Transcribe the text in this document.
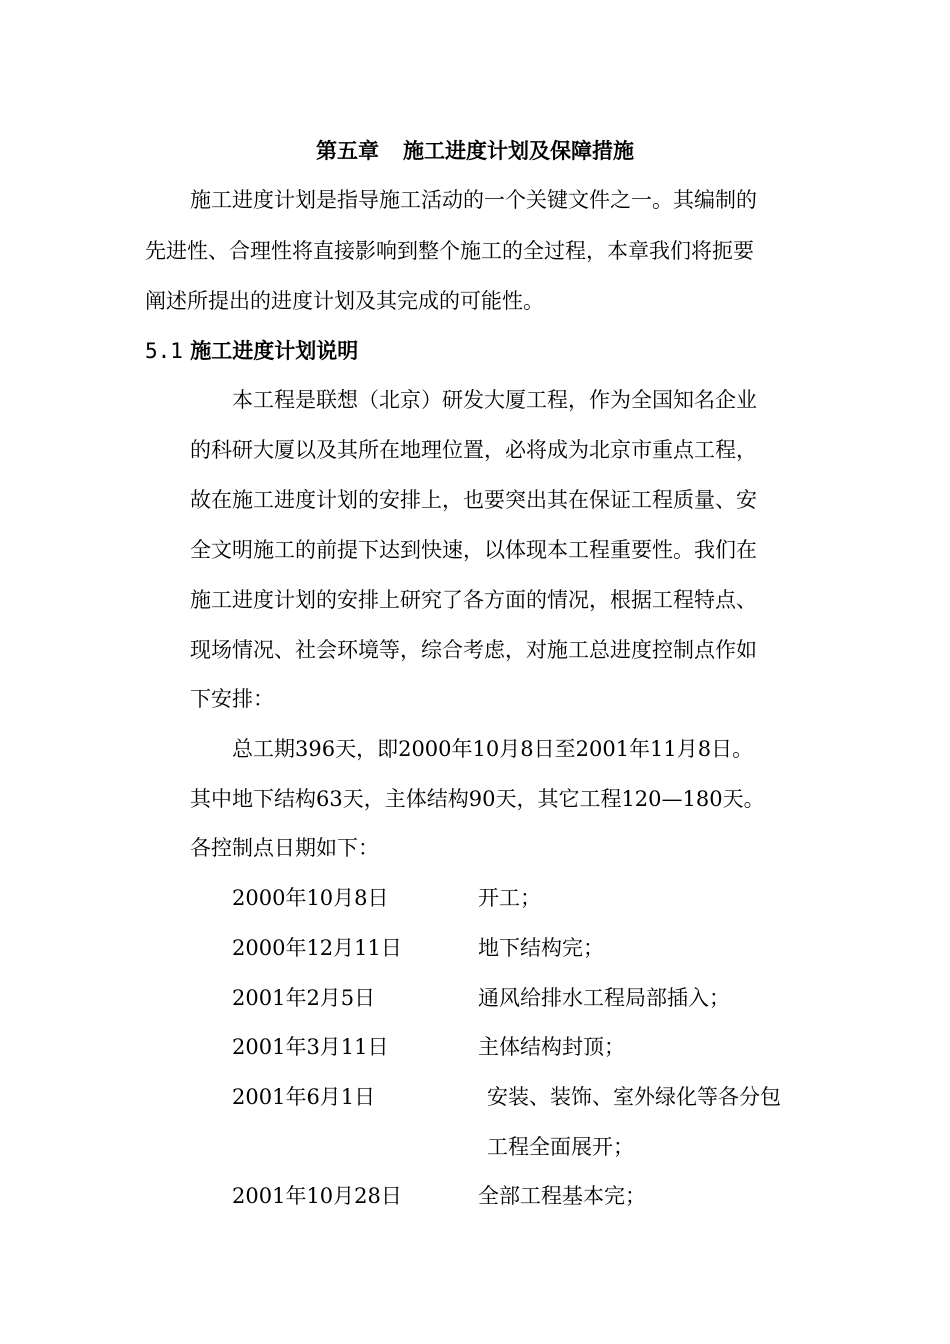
第五章 施工进度计划及保障措施
施工进度计划是指导施工活动的一个关键文件之一。其编制的
先进性、合理性将直接影响到整个施工的全过程，本章我们将扼要
阐述所提出的进度计划及其完成的可能性。
5.1 施工进度计划说明
本工程是联想（北京）研发大厦工程，作为全国知名企业
的科研大厦以及其所在地理位置，必将成为北京市重点工程，
故在施工进度计划的安排上，也要突出其在保证工程质量、安
全文明施工的前提下达到快速，以体现本工程重要性。我们在
施工进度计划的安排上研究了各方面的情况，根据工程特点、
现场情况、社会环境等，综合考虑，对施工总进度控制点作如
下安排：
总工期396天，即2000年10月8日至2001年11月8日。
其中地下结构63天，主体结构90天，其它工程120—180天。
各控制点日期如下：
2000年10月8日	开工；
2000年12月11日	地下结构完；
2001年2月5日	通风给排水工程局部插入；
2001年3月11日	主体结构封顶；
2001年6月1日	安装、装饰、室外绿化等各分包
工程全面展开；
2001年10月28日	全部工程基本完；
